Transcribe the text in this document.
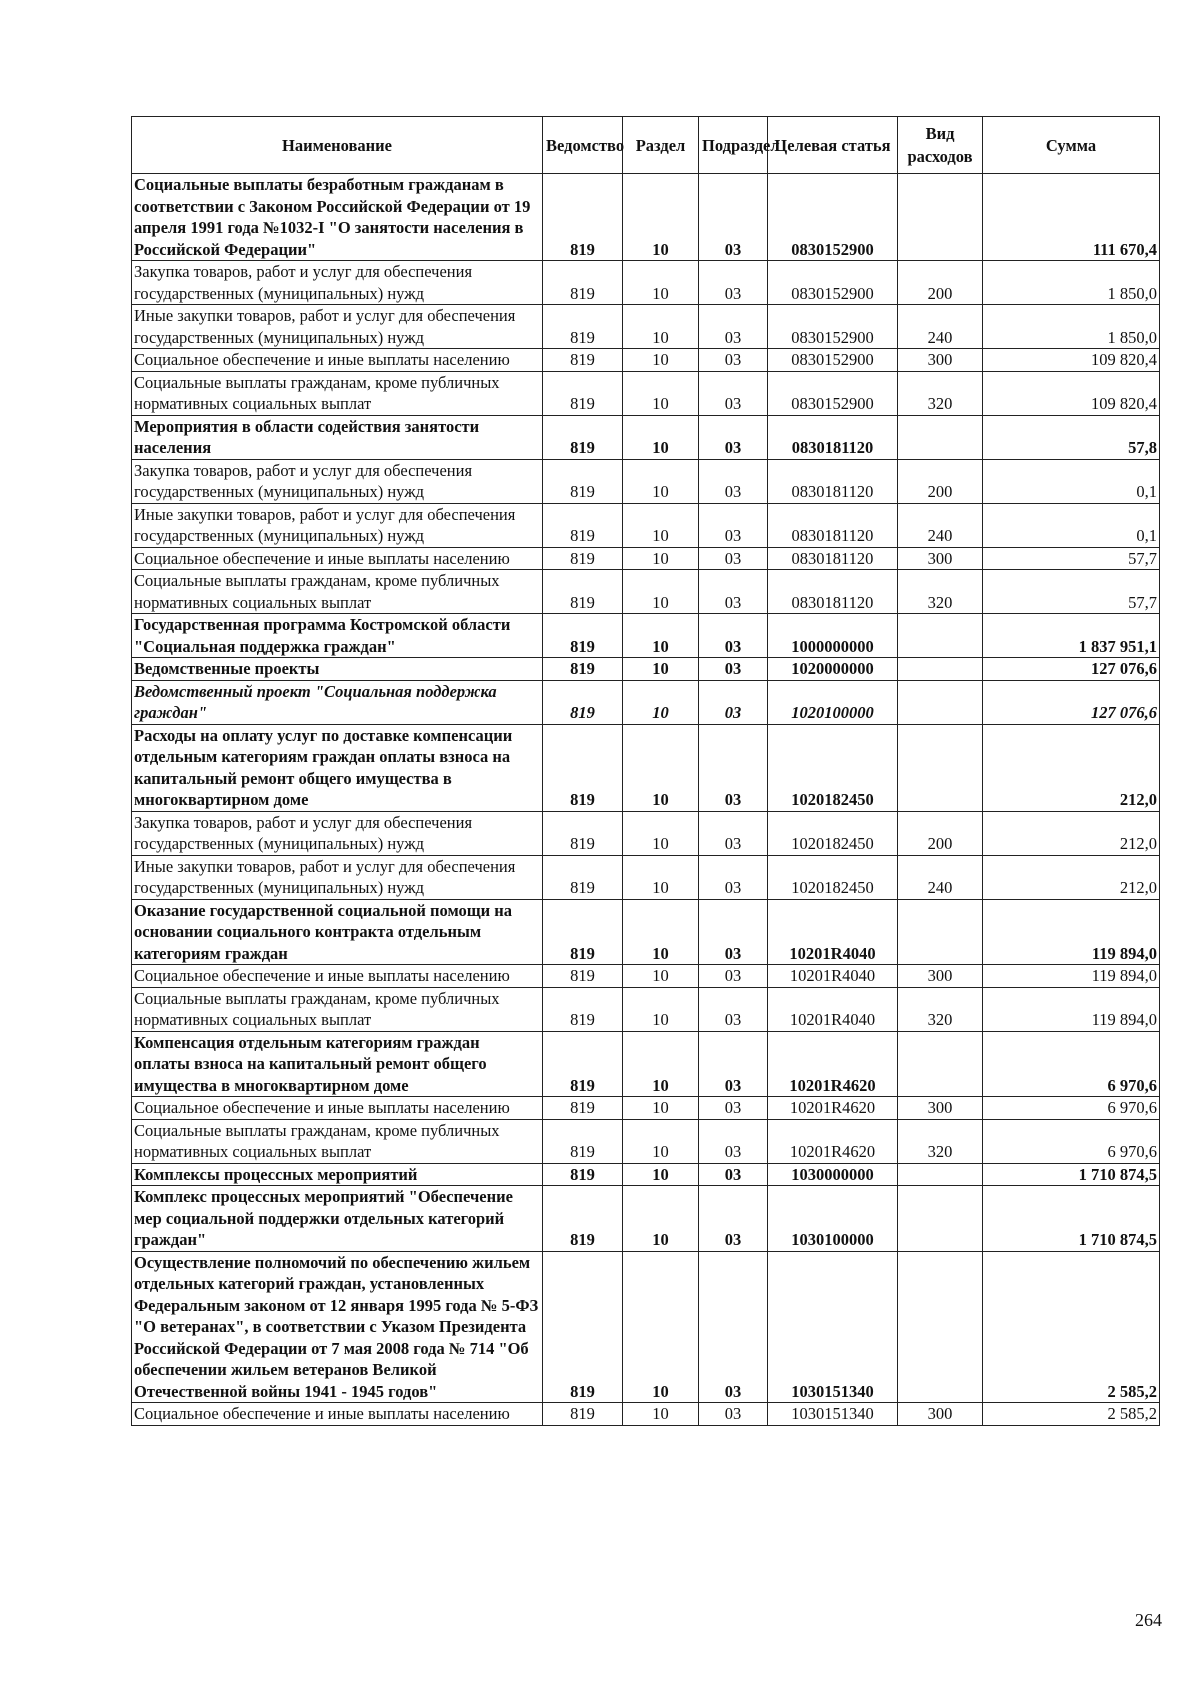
Наименование	Ведомство	Раздел	Подраздел	Целевая статья	Вид расходов	Сумма
Социальные выплаты безработным гражданам в соответствии с Законом Российской Федерации от 19 апреля 1991 года №1032-I "О занятости населения в Российской Федерации"	819	10	03	0830152900		111 670,4
Закупка товаров, работ и услуг для обеспечения государственных (муниципальных) нужд	819	10	03	0830152900	200	1 850,0
Иные закупки товаров, работ и услуг для обеспечения государственных (муниципальных) нужд	819	10	03	0830152900	240	1 850,0
Социальное обеспечение и иные выплаты населению	819	10	03	0830152900	300	109 820,4
Социальные выплаты гражданам, кроме публичных нормативных социальных выплат	819	10	03	0830152900	320	109 820,4
Мероприятия в области содействия занятости населения	819	10	03	0830181120		57,8
Закупка товаров, работ и услуг для обеспечения государственных (муниципальных) нужд	819	10	03	0830181120	200	0,1
Иные закупки товаров, работ и услуг для обеспечения государственных (муниципальных) нужд	819	10	03	0830181120	240	0,1
Социальное обеспечение и иные выплаты населению	819	10	03	0830181120	300	57,7
Социальные выплаты гражданам, кроме публичных нормативных социальных выплат	819	10	03	0830181120	320	57,7
Государственная программа Костромской области "Социальная поддержка граждан"	819	10	03	1000000000		1 837 951,1
Ведомственные проекты	819	10	03	1020000000		127 076,6
Ведомственный проект "Социальная поддержка граждан"	819	10	03	1020100000		127 076,6
Расходы на оплату услуг по доставке компенсации отдельным категориям граждан оплаты взноса на капитальный ремонт общего имущества в многоквартирном доме	819	10	03	1020182450		212,0
Закупка товаров, работ и услуг для обеспечения государственных (муниципальных) нужд	819	10	03	1020182450	200	212,0
Иные закупки товаров, работ и услуг для обеспечения государственных (муниципальных) нужд	819	10	03	1020182450	240	212,0
Оказание государственной социальной помощи на основании социального контракта отдельным категориям граждан	819	10	03	10201R4040		119 894,0
Социальное обеспечение и иные выплаты населению	819	10	03	10201R4040	300	119 894,0
Социальные выплаты гражданам, кроме публичных нормативных социальных выплат	819	10	03	10201R4040	320	119 894,0
Компенсация отдельным категориям граждан оплаты взноса на капитальный ремонт общего имущества в многоквартирном доме	819	10	03	10201R4620		6 970,6
Социальное обеспечение и иные выплаты населению	819	10	03	10201R4620	300	6 970,6
Социальные выплаты гражданам, кроме публичных нормативных социальных выплат	819	10	03	10201R4620	320	6 970,6
Комплексы процессных мероприятий	819	10	03	1030000000		1 710 874,5
Комплекс процессных мероприятий "Обеспечение мер социальной поддержки отдельных категорий граждан"	819	10	03	1030100000		1 710 874,5
Осуществление полномочий по обеспечению жильем отдельных категорий граждан, установленных Федеральным законом от 12 января 1995 года № 5-ФЗ "О ветеранах", в соответствии с Указом Президента Российской Федерации от 7 мая 2008 года № 714 "Об обеспечении жильем ветеранов Великой Отечественной войны 1941 - 1945 годов"	819	10	03	1030151340		2 585,2
Социальное обеспечение и иные выплаты населению	819	10	03	1030151340	300	2 585,2
264
